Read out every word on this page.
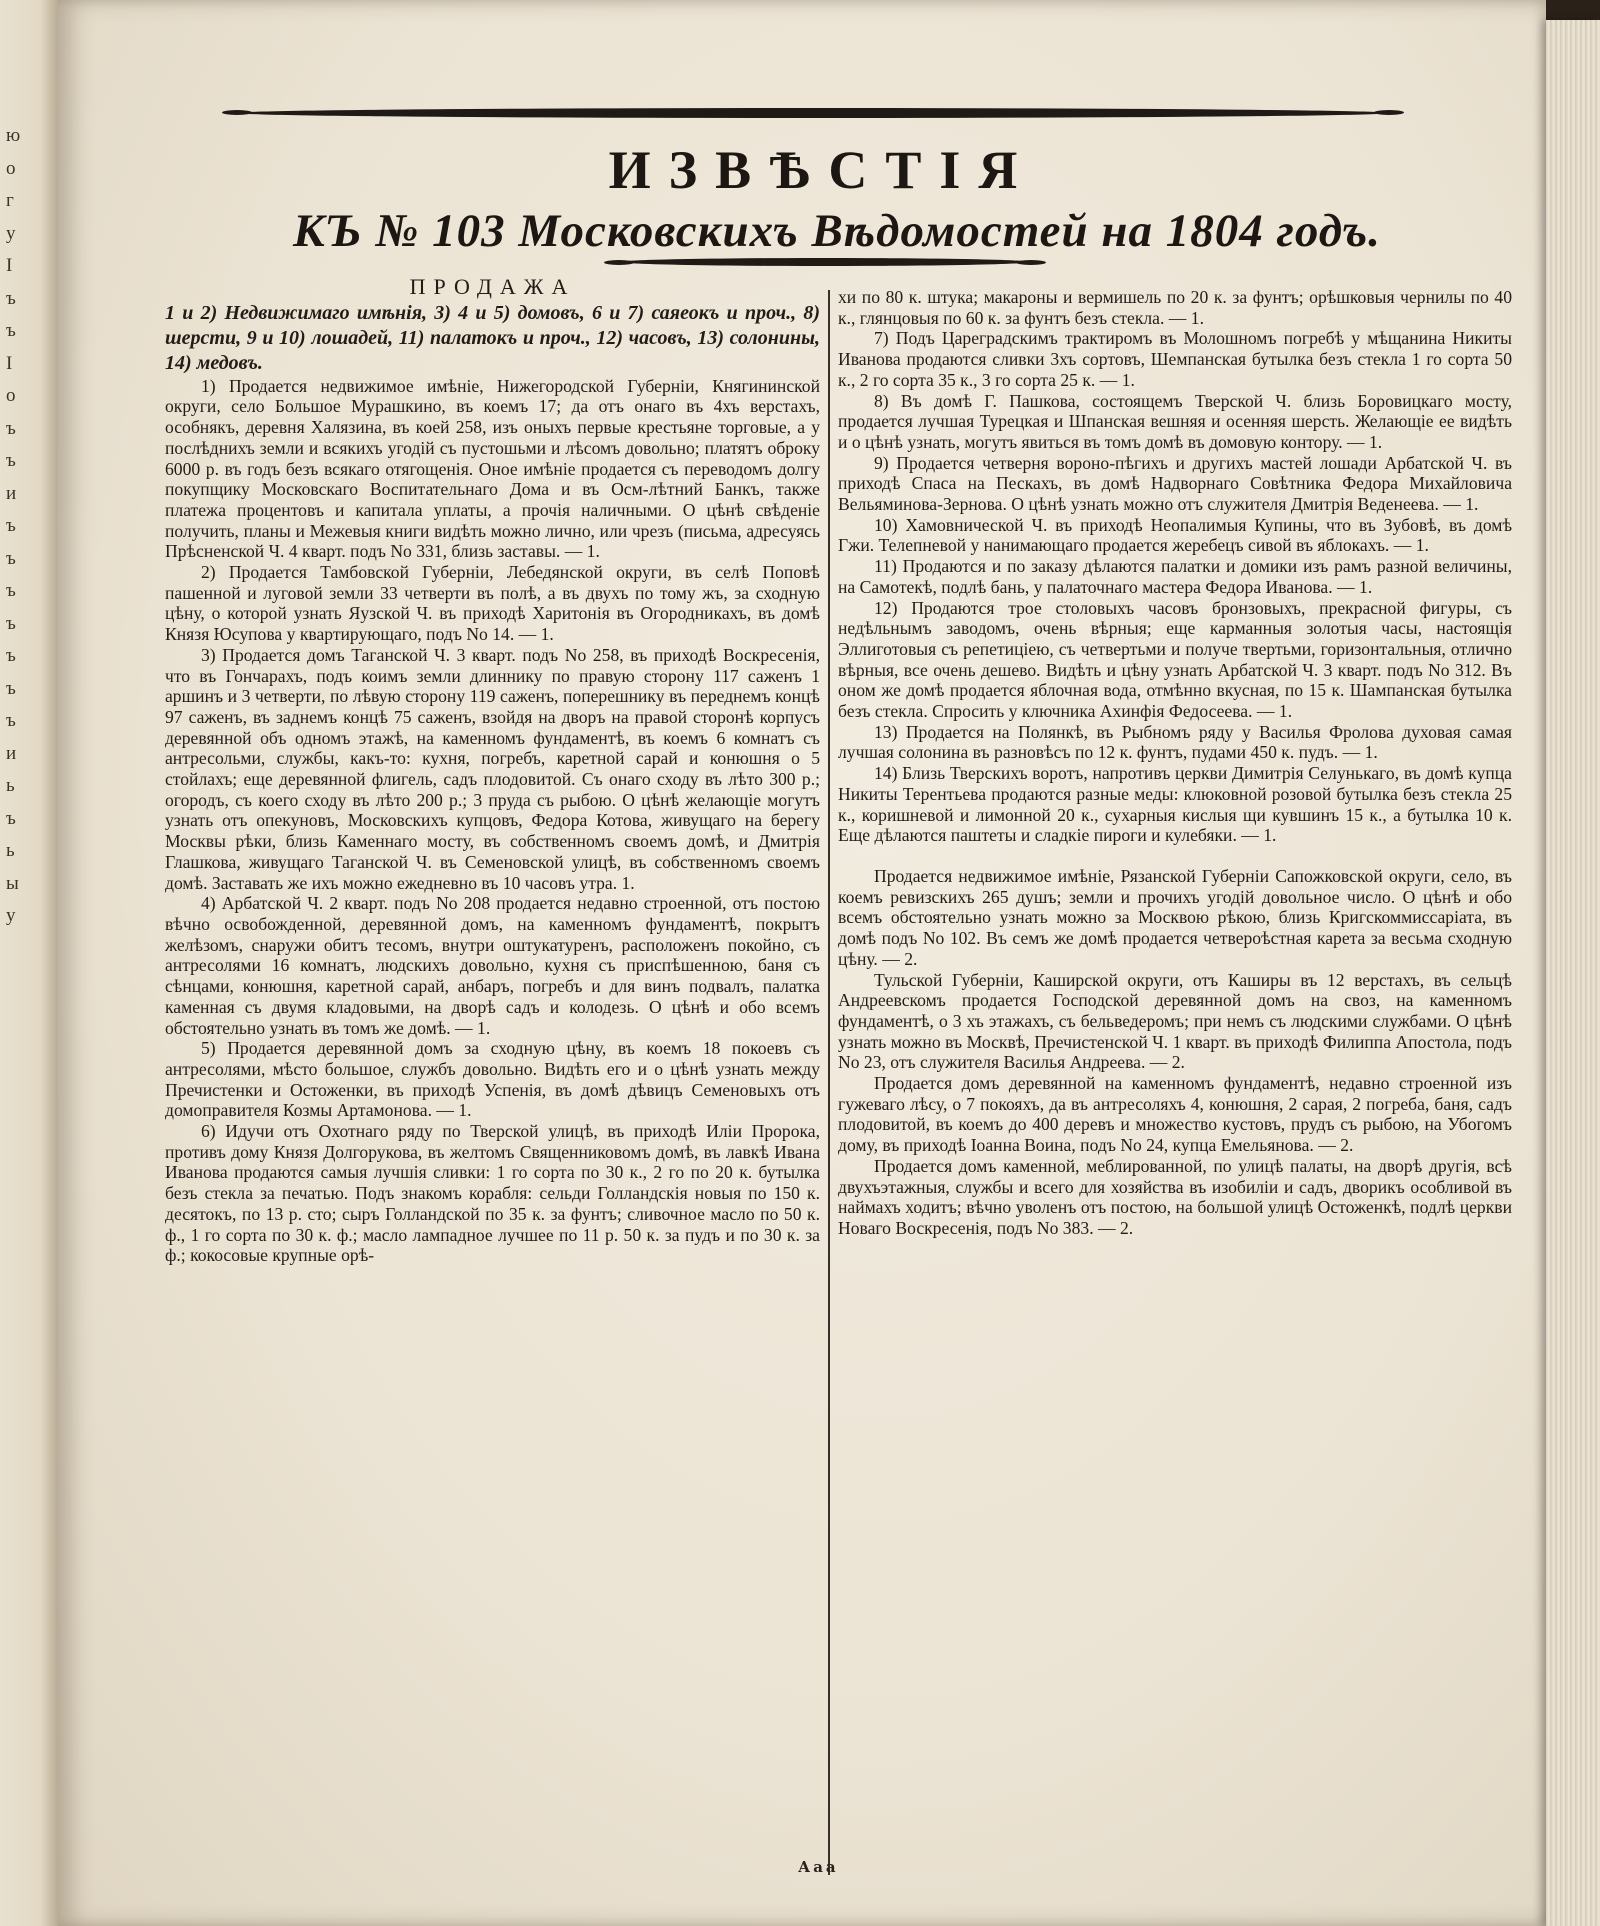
ю
о
г
у
I
ъ
ъ
I
о
ъ
ъ
и
ъ
ъ
ъ
ъ
ъ
ъ
ъ
и
ь
ъ
ь
ы
у
ИЗВѢСТІЯ
КЪ № 103 Московскихъ Вѣдомостей на 1804 годъ.
ПРОДАЖА
1 и 2) Недвижимаго имѣнія, 3) 4 и 5) домовъ, 6 и 7) саяеокъ и проч., 8) шерсти, 9 и 10) лошадей, 11) палатокъ и проч., 12) часовъ, 13) солонины, 14) медовъ.

1) Продается недвижимое имѣніе, Нижегородской Губерніи, Княгининской округи, село Большое Мурашкино, въ коемъ 17; да отъ онаго въ 4хъ верстахъ, особнякъ, деревня Халязина, въ коей 258, изъ оныхъ первые крестьяне торговые, а у послѣднихъ земли и всякихъ угодій съ пустошьми и лѣсомъ довольно; платятъ оброку 6000 р. въ годъ безъ всякаго отягощенія. Оное имѣніе продается съ переводомъ долгу покупщику Московскаго Воспитательнаго Дома и въ Осм-лѣтний Банкъ, также платежа процентовъ и капитала уплаты, а прочія наличными. О цѣнѣ свѣденіе получить, планы и Межевыя книги видѣть можно лично, или чрезъ (письма, адресуясь Прѣсненской Ч. 4 кварт. подъ No 331, близь заставы. — 1.

2) Продается Тамбовской Губерніи, Лебедянской округи, въ селѣ Поповѣ пашенной и луговой земли 33 четверти въ полѣ, а въ двухъ по тому жъ, за сходную цѣну, о которой узнать Яузской Ч. въ приходѣ Харитонія въ Огородникахъ, въ домѣ Князя Юсупова у квартирующаго, подъ No 14. — 1.

3) Продается домъ Таганской Ч. 3 кварт. подъ No 258, въ приходѣ Воскресенія, что въ Гончарахъ, подъ коимъ земли длиннику по правую сторону 117 саженъ 1 аршинъ и 3 четверти, по лѣвую сторону 119 саженъ, поперешнику въ переднемъ концѣ 97 саженъ, въ заднемъ концѣ 75 саженъ, взойдя на дворъ на правой сторонѣ корпусъ деревянной объ одномъ этажѣ, на каменномъ фундаментѣ, въ коемъ 6 комнатъ съ антресольми, службы, какъ-то: кухня, погребъ, каретной сарай и конюшня о 5 стойлахъ; еще деревянной флигель, садъ плодовитой. Съ онаго сходу въ лѣто 300 р.; огородъ, съ коего сходу въ лѣто 200 р.; 3 пруда съ рыбою. О цѣнѣ желающіе могутъ узнать отъ опекуновъ, Московскихъ купцовъ, Федора Котова, живущаго на берегу Москвы рѣки, близь Каменнаго мосту, въ собственномъ своемъ домѣ, и Дмитрія Глашкова, живущаго Таганской Ч. въ Семеновской улицѣ, въ собственномъ своемъ домѣ. Заставать же ихъ можно ежедневно въ 10 часовъ утра. 1.

4) Арбатской Ч. 2 кварт. подъ No 208 продается недавно строенной, отъ постою вѣчно освобожденной, деревянной домъ, на каменномъ фундаментѣ, покрытъ желѣзомъ, снаружи обитъ тесомъ, внутри оштукатуренъ, расположенъ покойно, съ антресолями 16 комнатъ, людскихъ довольно, кухня съ приспѣшенною, баня съ сѣнцами, конюшня, каретной сарай, анбаръ, погребъ и для винъ подвалъ, палатка каменная съ двумя кладовыми, на дворѣ садъ и колодезь. О цѣнѣ и обо всемъ обстоятельно узнать въ томъ же домѣ. — 1.

5) Продается деревянной домъ за сходную цѣну, въ коемъ 18 покоевъ съ антресолями, мѣсто большое, службъ довольно. Видѣть его и о цѣнѣ узнать между Пречистенки и Остоженки, въ приходѣ Успенія, въ домѣ дѣвицъ Семеновыхъ отъ домоправителя Козмы Артамонова. — 1.

6) Идучи отъ Охотнаго ряду по Тверской улицѣ, въ приходѣ Иліи Пророка, противъ дому Князя Долгорукова, въ желтомъ Священниковомъ домѣ, въ лавкѣ Ивана Иванова продаются самыя лучшія сливки: 1 го сорта по 30 к., 2 го по 20 к. бутылка безъ стекла за печатью. Подъ знакомъ корабля: сельди Голландскія новыя по 150 к. десятокъ, по 13 р. сто; сыръ Голландской по 35 к. за фунтъ; сливочное масло по 50 к. ф., 1 го сорта по 30 к. ф.; масло лампадное лучшее по 11 р. 50 к. за пудъ и по 30 к. за ф.; кокосовые крупные орѣ-

хи по 80 к. штука; макароны и вермишель по 20 к. за фунтъ; орѣшковыя чернилы по 40 к., глянцовыя по 60 к. за фунтъ безъ стекла. — 1.

7) Подъ Цареградскимъ трактиромъ въ Молошномъ погребѣ у мѣщанина Никиты Иванова продаются сливки 3хъ сортовъ, Шемпанская бутылка безъ стекла 1 го сорта 50 к., 2 го сорта 35 к., 3 го сорта 25 к. — 1.

8) Въ домѣ Г. Пашкова, состоящемъ Тверской Ч. близь Боровицкаго мосту, продается лучшая Турецкая и Шпанская вешняя и осенняя шерсть. Желающіе ее видѣть и о цѣнѣ узнать, могутъ явиться въ томъ домѣ въ домовую контору. — 1.

9) Продается четверня вороно-пѣгихъ и другихъ мастей лошади Арбатской Ч. въ приходѣ Спаса на Пескахъ, въ домѣ Надворнаго Совѣтника Федора Михайловича Вельяминова-Зернова. О цѣнѣ узнать можно отъ служителя Дмитрія Веденеева. — 1.

10) Хамовнической Ч. въ приходѣ Неопалимыя Купины, что въ Зубовѣ, въ домѣ Гжи. Телепневой у нанимающаго продается жеребецъ сивой въ яблокахъ. — 1.

11) Продаются и по заказу дѣлаются палатки и домики изъ рамъ разной величины, на Самотекѣ, подлѣ бань, у палаточнаго мастера Федора Иванова. — 1.

12) Продаются трое столовыхъ часовъ бронзовыхъ, прекрасной фигуры, съ недѣльнымъ заводомъ, очень вѣрныя; еще карманныя золотыя часы, настоящія Эллиготовыя съ репетиціею, съ четвертьми и получе твертьми, горизонтальныя, отлично вѣрныя, все очень дешево. Видѣть и цѣну узнать Арбатской Ч. 3 кварт. подъ No 312. Въ оном же домѣ продается яблочная вода, отмѣнно вкусная, по 15 к. Шампанская бутылка безъ стекла. Спросить у ключника Ахинфія Федосеева. — 1.

13) Продается на Полянкѣ, въ Рыбномъ ряду у Василья Фролова духовая самая лучшая солонина въ разновѣсъ по 12 к. фунтъ, пудами 450 к. пудъ. — 1.

14) Близь Тверскихъ воротъ, напротивъ церкви Димитрія Селунькаго, въ домѣ купца Никиты Терентьева продаются разные меды: клюковной розовой бутылка безъ стекла 25 к., коришневой и лимонной 20 к., сухарныя кислыя щи кувшинъ 15 к., а бутылка 10 к. Еще дѣлаются паштеты и сладкіе пироги и кулебяки. — 1.

Продается недвижимое имѣніе, Рязанской Губерніи Сапожковской округи, село, въ коемъ ревизскихъ 265 душъ; земли и прочихъ угодій довольное число. О цѣнѣ и обо всемъ обстоятельно узнать можно за Москвою рѣкою, близь Кригскоммиссаріата, въ домѣ подъ No 102. Въ семъ же домѣ продается четвероѣстная карета за весьма сходную цѣну. — 2.

Тульской Губерніи, Каширской округи, отъ Каширы въ 12 верстахъ, въ сельцѣ Андреевскомъ продается Господской деревянной домъ на своз, на каменномъ фундаментѣ, о 3 хъ этажахъ, съ бельведеромъ; при немъ съ людскими службами. О цѣнѣ узнать можно въ Москвѣ, Пречистенской Ч. 1 кварт. въ приходѣ Филиппа Апостола, подъ No 23, отъ служителя Василья Андреева. — 2.

Продается домъ деревянной на каменномъ фундаментѣ, недавно строенной изъ гужеваго лѣсу, о 7 покояхъ, да въ антресоляхъ 4, конюшня, 2 сарая, 2 погреба, баня, садъ плодовитой, въ коемъ до 400 деревъ и множество кустовъ, прудъ съ рыбою, на Убогомъ дому, въ приходѣ Іоанна Воина, подъ No 24, купца Емельянова. — 2.

Продается домъ каменной, меблированной, по улицѣ палаты, на дворѣ другія, всѣ двухъэтажныя, службы и всего для хозяйства въ изобиліи и садъ, дворикъ особливой въ наймахъ ходитъ; вѣчно уволенъ отъ постою, на большой улицѣ Остоженкѣ, подлѣ церкви Новаго Воскресенія, подъ No 383. — 2.

Ааа
